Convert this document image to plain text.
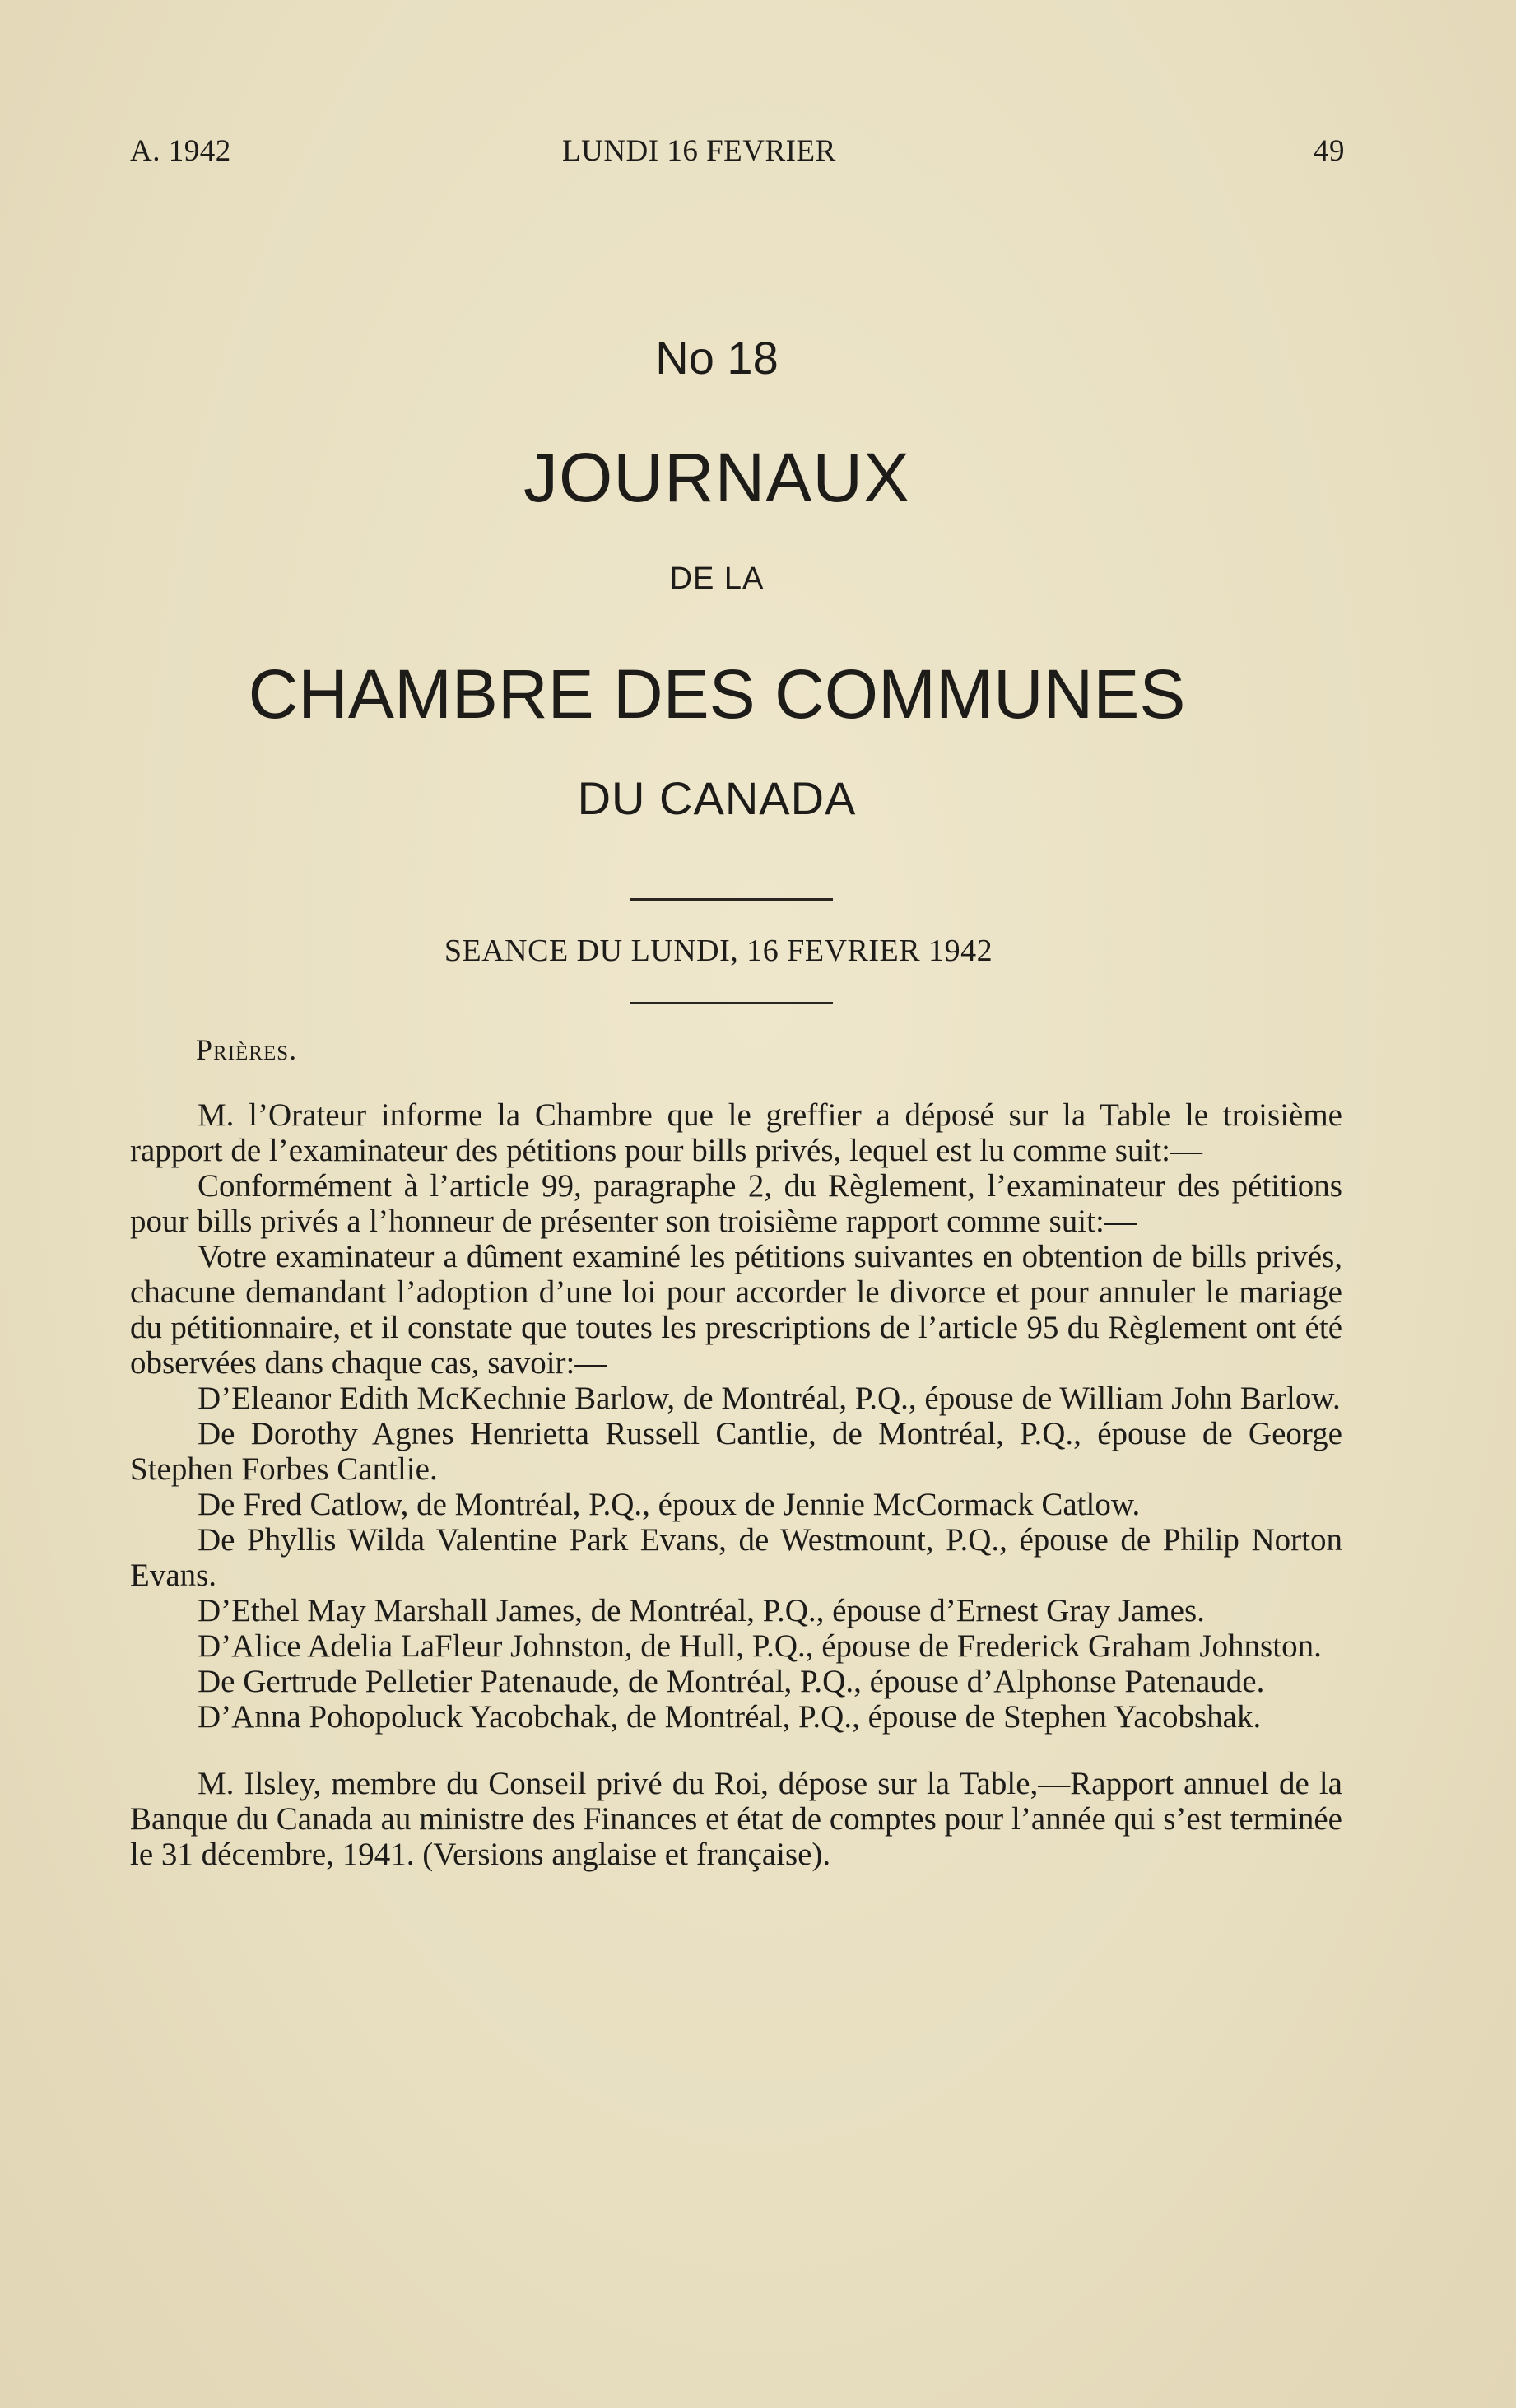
A. 1942	LUNDI 16 FEVRIER	49
No 18
JOURNAUX
DE LA
CHAMBRE DES COMMUNES
DU CANADA
SEANCE DU LUNDI, 16 FEVRIER 1942
Prières.

M. l’Orateur informe la Chambre que le greffier a déposé sur la Table le troisième rapport de l’examinateur des pétitions pour bills privés, lequel est lu comme suit:—

Conformément à l’article 99, paragraphe 2, du Règlement, l’examinateur des pétitions pour bills privés a l’honneur de présenter son troisième rapport comme suit:—

Votre examinateur a dûment examiné les pétitions suivantes en obtention de bills privés, chacune demandant l’adoption d’une loi pour accorder le divorce et pour annuler le mariage du pétitionnaire, et il constate que toutes les prescriptions de l’article 95 du Règlement ont été observées dans chaque cas, savoir:—

D’Eleanor Edith McKechnie Barlow, de Montréal, P.Q., épouse de William John Barlow.

De Dorothy Agnes Henrietta Russell Cantlie, de Montréal, P.Q., épouse de George Stephen Forbes Cantlie.

De Fred Catlow, de Montréal, P.Q., époux de Jennie McCormack Catlow.

De Phyllis Wilda Valentine Park Evans, de Westmount, P.Q., épouse de Philip Norton Evans.

D’Ethel May Marshall James, de Montréal, P.Q., épouse d’Ernest Gray James.

D’Alice Adelia LaFleur Johnston, de Hull, P.Q., épouse de Frederick Graham Johnston.

De Gertrude Pelletier Patenaude, de Montréal, P.Q., épouse d’Alphonse Patenaude.

D’Anna Pohopoluck Yacobchak, de Montréal, P.Q., épouse de Stephen Yacobshak.

M. Ilsley, membre du Conseil privé du Roi, dépose sur la Table,—Rapport annuel de la Banque du Canada au ministre des Finances et état de comptes pour l’année qui s’est terminée le 31 décembre, 1941. (Versions anglaise et française).
